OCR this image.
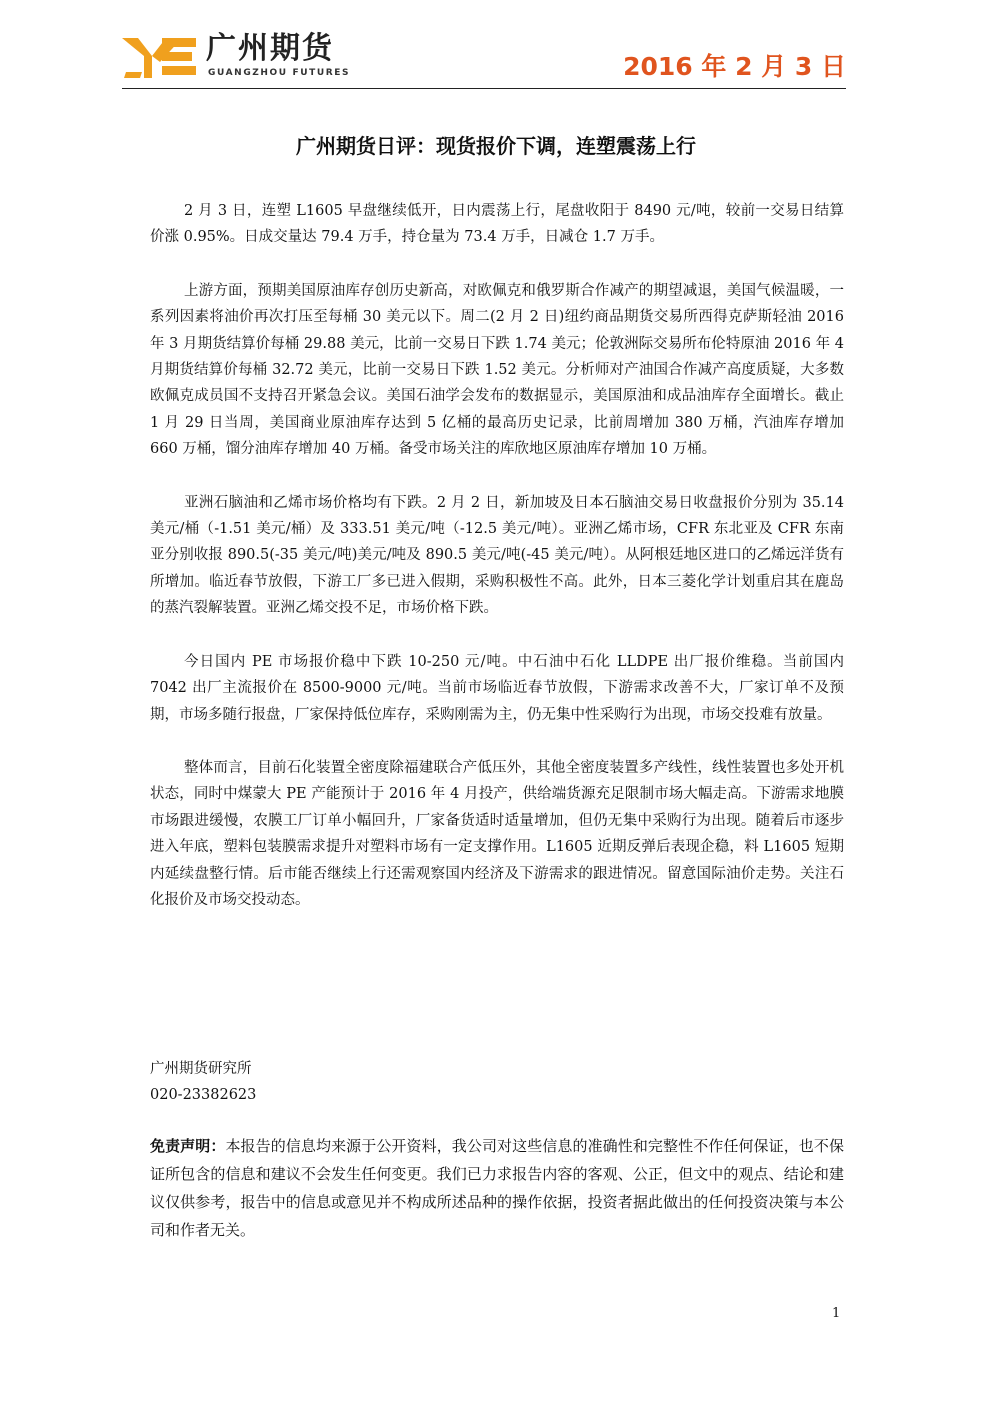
广州期货
GUANGZHOU FUTURES	2016 年 2 月 3 日
广州期货日评：现货报价下调，连塑震荡上行

2 月 3 日，连塑 L1605 早盘继续低开，日内震荡上行，尾盘收阳于 8490 元/吨，较前一交易日结算价涨 0.95%。日成交量达 79.4 万手，持仓量为 73.4 万手，日减仓 1.7 万手。

上游方面，预期美国原油库存创历史新高，对欧佩克和俄罗斯合作减产的期望减退，美国气候温暖，一系列因素将油价再次打压至每桶 30 美元以下。周二(2 月 2 日)纽约商品期货交易所西得克萨斯轻油 2016 年 3 月期货结算价每桶 29.88 美元，比前一交易日下跌 1.74 美元；伦敦洲际交易所布伦特原油 2016 年 4 月期货结算价每桶 32.72 美元，比前一交易日下跌 1.52 美元。分析师对产油国合作减产高度质疑，大多数欧佩克成员国不支持召开紧急会议。美国石油学会发布的数据显示，美国原油和成品油库存全面增长。截止 1 月 29 日当周，美国商业原油库存达到 5 亿桶的最高历史记录，比前周增加 380 万桶，汽油库存增加 660 万桶，馏分油库存增加 40 万桶。备受市场关注的库欣地区原油库存增加 10 万桶。

亚洲石脑油和乙烯市场价格均有下跌。2 月 2 日，新加坡及日本石脑油交易日收盘报价分别为 35.14 美元/桶（-1.51 美元/桶）及 333.51 美元/吨（-12.5 美元/吨）。亚洲乙烯市场，CFR 东北亚及 CFR 东南亚分别收报 890.5(-35 美元/吨)美元/吨及 890.5 美元/吨(-45 美元/吨）。从阿根廷地区进口的乙烯远洋货有所增加。临近春节放假，下游工厂多已进入假期，采购积极性不高。此外，日本三菱化学计划重启其在鹿岛的蒸汽裂解装置。亚洲乙烯交投不足，市场价格下跌。

今日国内 PE 市场报价稳中下跌 10-250 元/吨。中石油中石化 LLDPE 出厂报价维稳。当前国内 7042 出厂主流报价在 8500-9000 元/吨。当前市场临近春节放假，下游需求改善不大，厂家订单不及预期，市场多随行报盘，厂家保持低位库存，采购刚需为主，仍无集中性采购行为出现，市场交投难有放量。

整体而言，目前石化装置全密度除福建联合产低压外，其他全密度装置多产线性，线性装置也多处开机状态，同时中煤蒙大 PE 产能预计于 2016 年 4 月投产，供给端货源充足限制市场大幅走高。下游需求地膜市场跟进缓慢，农膜工厂订单小幅回升，厂家备货适时适量增加，但仍无集中采购行为出现。随着后市逐步进入年底，塑料包装膜需求提升对塑料市场有一定支撑作用。L1605 近期反弹后表现企稳，料 L1605 短期内延续盘整行情。后市能否继续上行还需观察国内经济及下游需求的跟进情况。留意国际油价走势。关注石化报价及市场交投动态。

广州期货研究所
020-23382623
免责声明：本报告的信息均来源于公开资料，我公司对这些信息的准确性和完整性不作任何保证，也不保证所包含的信息和建议不会发生任何变更。我们已力求报告内容的客观、公正，但文中的观点、结论和建议仅供参考，报告中的信息或意见并不构成所述品种的操作依据，投资者据此做出的任何投资决策与本公司和作者无关。
1
